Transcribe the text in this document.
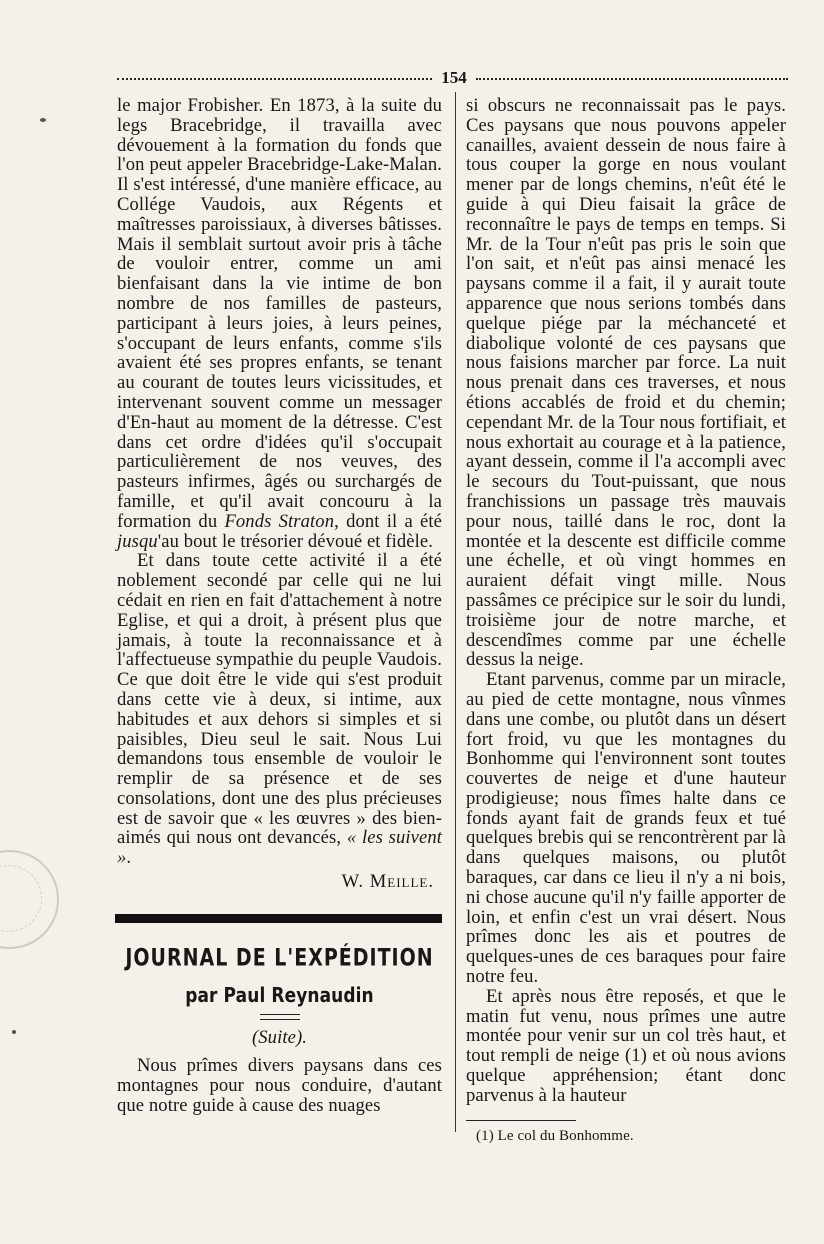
154

le major Frobisher. En 1873, à la suite du legs Bracebridge, il travailla avec dévouement à la formation du fonds que l'on peut appeler Bracebridge-Lake-Malan. Il s'est intéressé, d'une manière efficace, au Collége Vaudois, aux Régents et maîtresses paroissiaux, à diverses bâtisses. Mais il semblait surtout avoir pris à tâche de vouloir entrer, comme un ami bienfaisant dans la vie intime de bon nombre de nos familles de pasteurs, participant à leurs joies, à leurs peines, s'occupant de leurs enfants, comme s'ils avaient été ses propres enfants, se tenant au courant de toutes leurs vicissitudes, et intervenant souvent comme un messager d'En-haut au moment de la détresse. C'est dans cet ordre d'idées qu'il s'occupait particulièrement de nos veuves, des pasteurs infirmes, âgés ou surchargés de famille, et qu'il avait concouru à la formation du Fonds Straton, dont il a été jusqu'au bout le trésorier dévoué et fidèle.

Et dans toute cette activité il a été noblement secondé par celle qui ne lui cédait en rien en fait d'attachement à notre Eglise, et qui a droit, à présent plus que jamais, à toute la reconnaissance et à l'affectueuse sympathie du peuple Vaudois. Ce que doit être le vide qui s'est produit dans cette vie à deux, si intime, aux habitudes et aux dehors si simples et si paisibles, Dieu seul le sait. Nous Lui demandons tous ensemble de vouloir le remplir de sa présence et de ses consolations, dont une des plus précieuses est de savoir que « les œuvres » des bien-aimés qui nous ont devancés, « les suivent ».

W. Meille.
JOURNAL DE L'EXPÉDITION
par Paul Reynaudin
(Suite).

Nous prîmes divers paysans dans ces montagnes pour nous conduire, d'autant que notre guide à cause des nuages

si obscurs ne reconnaissait pas le pays. Ces paysans que nous pouvons appeler canailles, avaient dessein de nous faire à tous couper la gorge en nous voulant mener par de longs chemins, n'eût été le guide à qui Dieu faisait la grâce de reconnaître le pays de temps en temps. Si Mr. de la Tour n'eût pas pris le soin que l'on sait, et n'eût pas ainsi menacé les paysans comme il a fait, il y aurait toute apparence que nous serions tombés dans quelque piége par la méchanceté et diabolique volonté de ces paysans que nous faisions marcher par force. La nuit nous prenait dans ces traverses, et nous étions accablés de froid et du chemin; cependant Mr. de la Tour nous fortifiait, et nous exhortait au courage et à la patience, ayant dessein, comme il l'a accompli avec le secours du Tout-puissant, que nous franchissions un passage très mauvais pour nous, taillé dans le roc, dont la montée et la descente est difficile comme une échelle, et où vingt hommes en auraient défait vingt mille. Nous passâmes ce précipice sur le soir du lundi, troisième jour de notre marche, et descendîmes comme par une échelle dessus la neige.

Etant parvenus, comme par un miracle, au pied de cette montagne, nous vînmes dans une combe, ou plutôt dans un désert fort froid, vu que les montagnes du Bonhomme qui l'environnent sont toutes couvertes de neige et d'une hauteur prodigieuse; nous fîmes halte dans ce fonds ayant fait de grands feux et tué quelques brebis qui se rencontrèrent par là dans quelques maisons, ou plutôt baraques, car dans ce lieu il n'y a ni bois, ni chose aucune qu'il n'y faille apporter de loin, et enfin c'est un vrai désert. Nous prîmes donc les ais et poutres de quelques-unes de ces baraques pour faire notre feu.

Et après nous être reposés, et que le matin fut venu, nous prîmes une autre montée pour venir sur un col très haut, et tout rempli de neige (1) et où nous avions quelque appréhension; étant donc parvenus à la hauteur

(1) Le col du Bonhomme.
